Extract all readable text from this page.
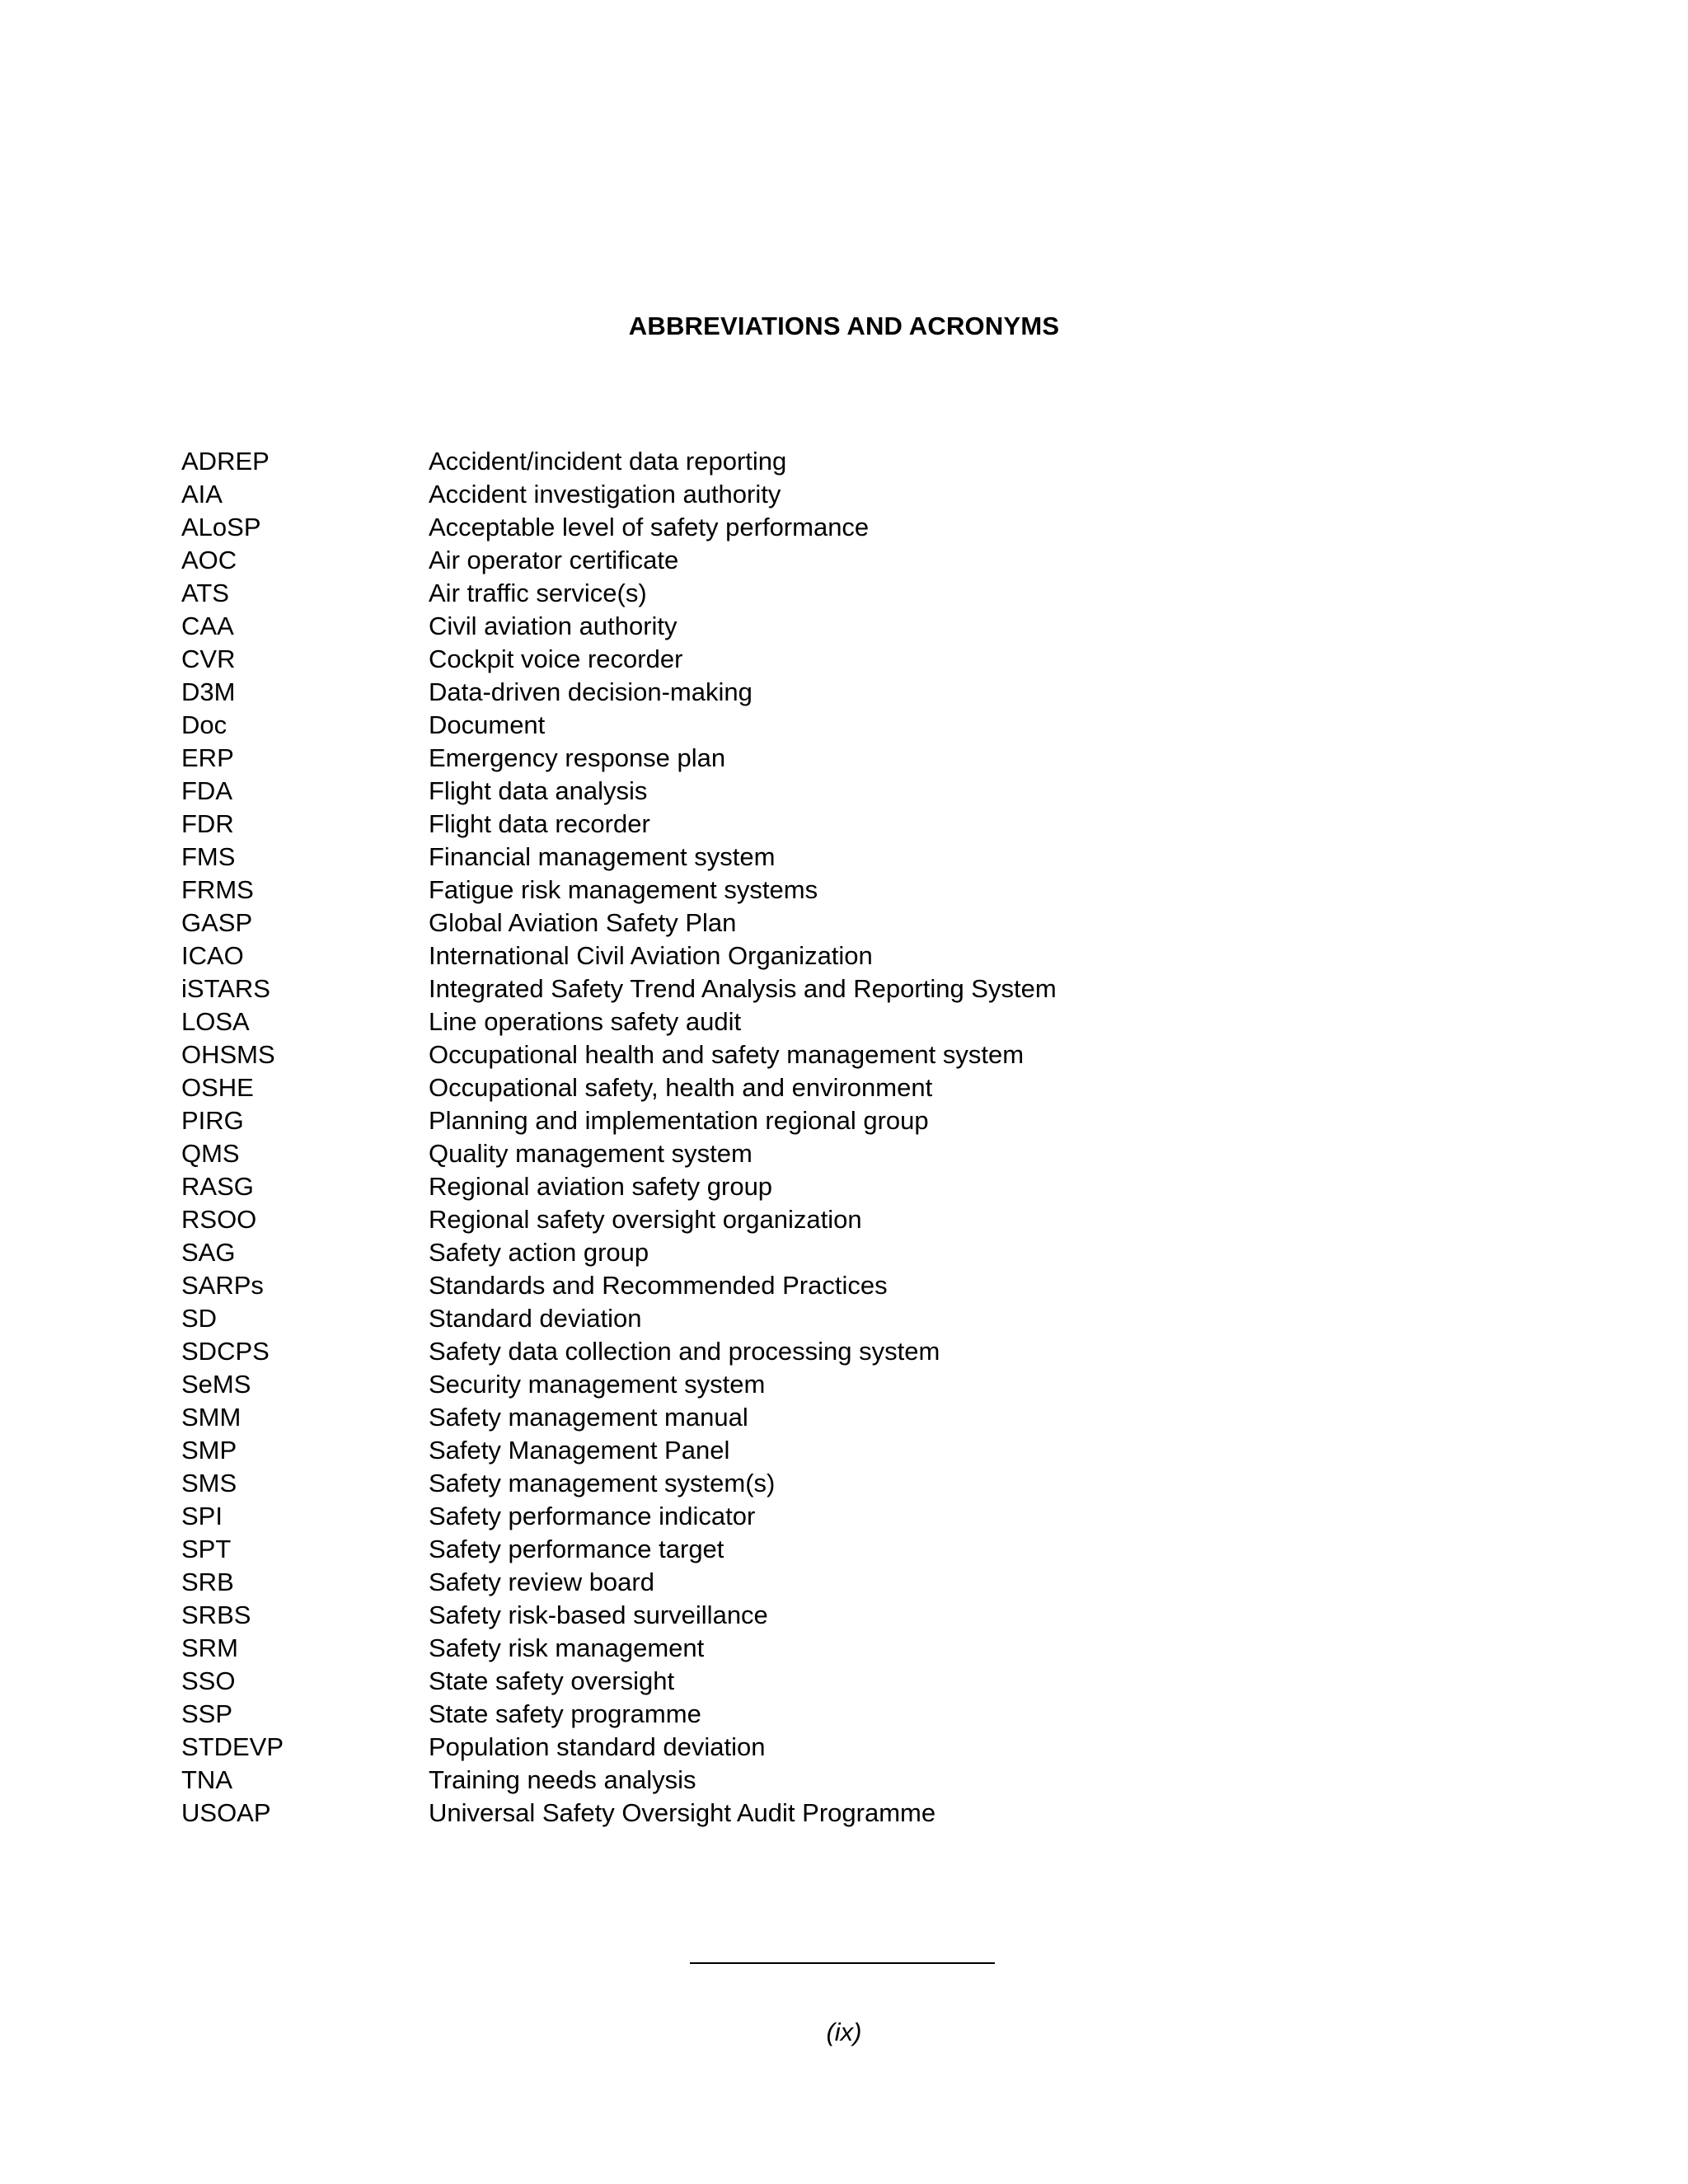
ABBREVIATIONS AND ACRONYMS
ADREP	Accident/incident data reporting
AIA	Accident investigation authority
ALoSP	Acceptable level of safety performance
AOC	Air operator certificate
ATS	Air traffic service(s)
CAA	Civil aviation authority
CVR	Cockpit voice recorder
D3M	Data-driven decision-making
Doc	Document
ERP	Emergency response plan
FDA	Flight data analysis
FDR	Flight data recorder
FMS	Financial management system
FRMS	Fatigue risk management systems
GASP	Global Aviation Safety Plan
ICAO	International Civil Aviation Organization
iSTARS	Integrated Safety Trend Analysis and Reporting System
LOSA	Line operations safety audit
OHSMS	Occupational health and safety management system
OSHE	Occupational safety, health and environment
PIRG	Planning and implementation regional group
QMS	Quality management system
RASG	Regional aviation safety group
RSOO	Regional safety oversight organization
SAG	Safety action group
SARPs	Standards and Recommended Practices
SD	Standard deviation
SDCPS	Safety data collection and processing system
SeMS	Security management system
SMM	Safety management manual
SMP	Safety Management Panel
SMS	Safety management system(s)
SPI	Safety performance indicator
SPT	Safety performance target
SRB	Safety review board
SRBS	Safety risk-based surveillance
SRM	Safety risk management
SSO	State safety oversight
SSP	State safety programme
STDEVP	Population standard deviation
TNA	Training needs analysis
USOAP	Universal Safety Oversight Audit Programme
(ix)
